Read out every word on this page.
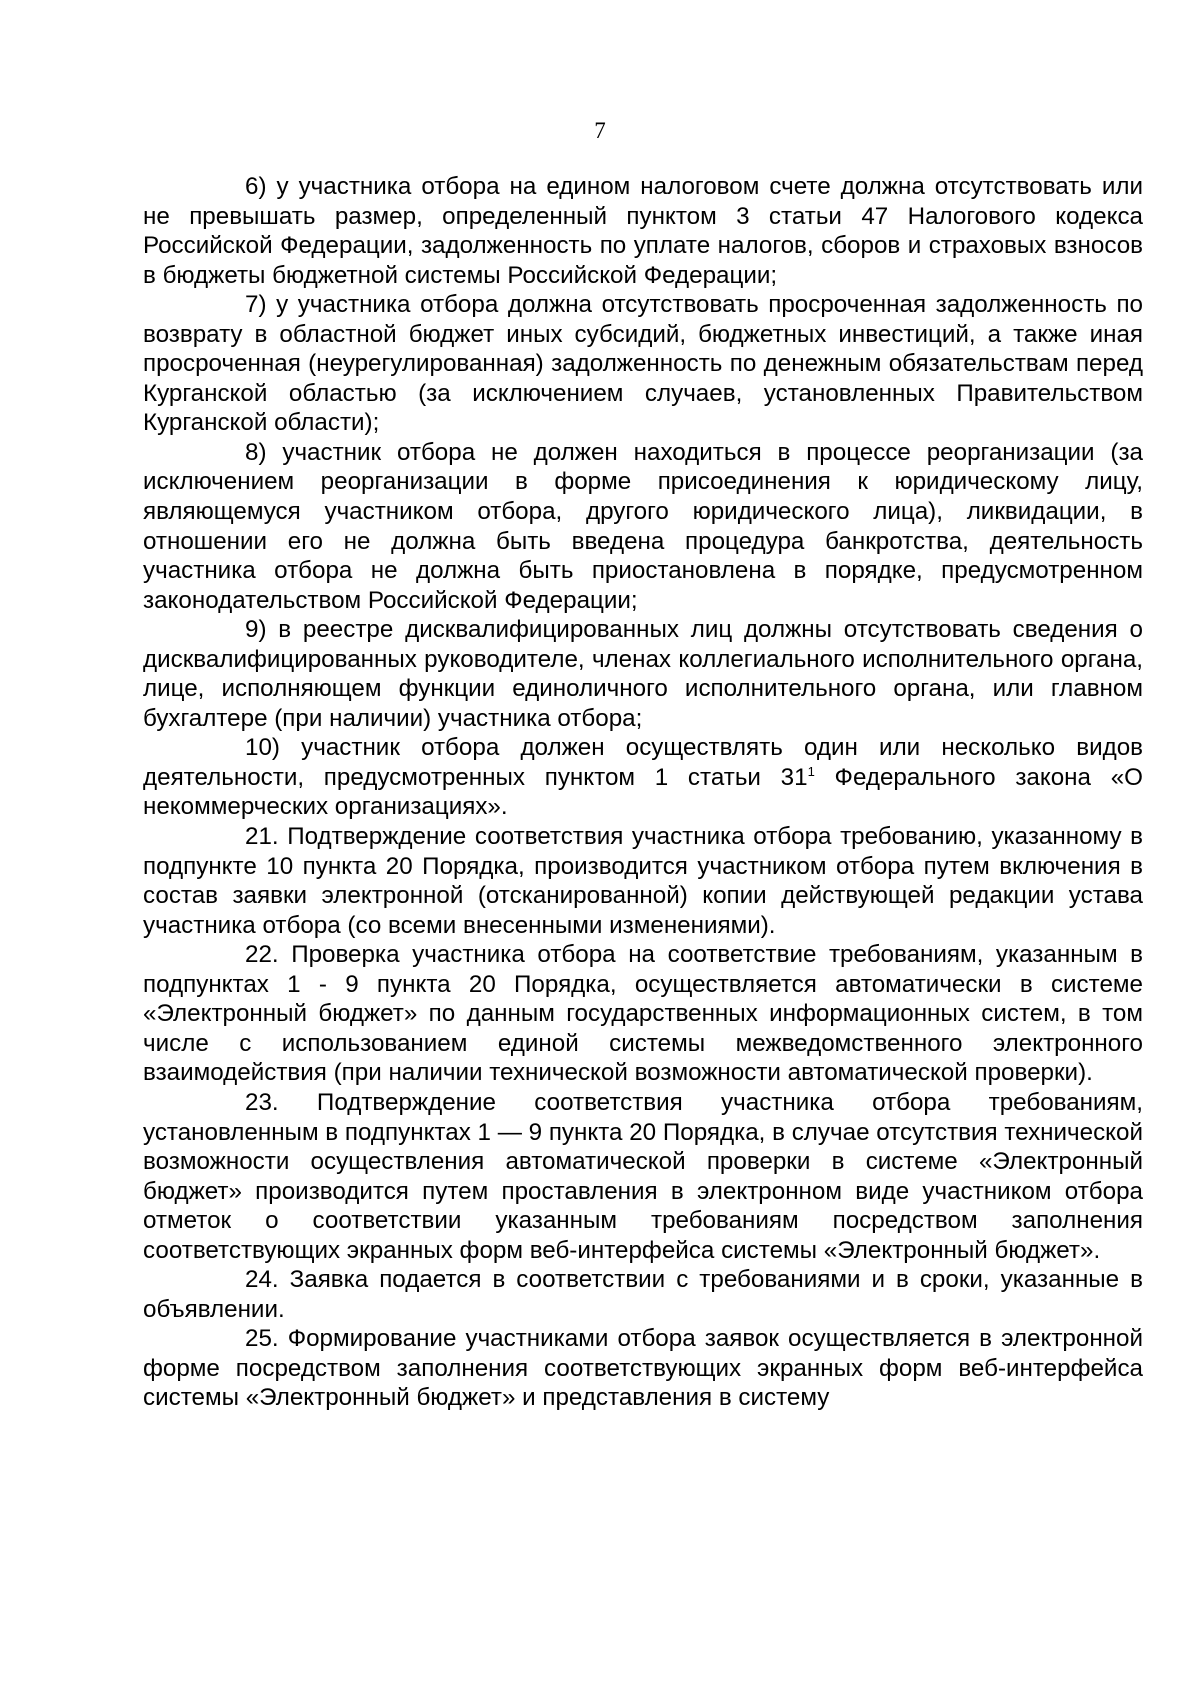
7

6) у участника отбора на едином налоговом счете должна отсутствовать или не превышать размер, определенный пунктом 3 статьи 47 Налогового кодекса Российской Федерации, задолженность по уплате налогов, сборов и страховых взносов в бюджеты бюджетной системы Российской Федерации;

7) у участника отбора должна отсутствовать просроченная задолженность по возврату в областной бюджет иных субсидий, бюджетных инвестиций, а также иная просроченная (неурегулированная) задолженность по денежным обязательствам перед Курганской областью (за исключением случаев, установленных Правительством Курганской области);

8) участник отбора не должен находиться в процессе реорганизации (за исключением реорганизации в форме присоединения к юридическому лицу, являющемуся участником отбора, другого юридического лица), ликвидации, в отношении его не должна быть введена процедура банкротства, деятельность участника отбора не должна быть приостановлена в порядке, предусмотренном законодательством Российской Федерации;

9) в реестре дисквалифицированных лиц должны отсутствовать сведения о дисквалифицированных руководителе, членах коллегиального исполнительного органа, лице, исполняющем функции единоличного исполнительного органа, или главном бухгалтере (при наличии) участника отбора;

10) участник отбора должен осуществлять один или несколько видов деятельности, предусмотренных пунктом 1 статьи $31^1$ Федерального закона «О некоммерческих организациях».

21. Подтверждение соответствия участника отбора требованию, указанному в подпункте 10 пункта 20 Порядка, производится участником отбора путем включения в состав заявки электронной (отсканированной) копии действующей редакции устава участника отбора (со всеми внесенными изменениями).

22. Проверка участника отбора на соответствие требованиям, указанным в подпунктах 1 - 9 пункта 20 Порядка, осуществляется автоматически в системе «Электронный бюджет» по данным государственных информационных систем, в том числе с использованием единой системы межведомственного электронного взаимодействия (при наличии технической возможности автоматической проверки).

23. Подтверждение соответствия участника отбора требованиям, установленным в подпунктах 1 — 9 пункта 20 Порядка, в случае отсутствия технической возможности осуществления автоматической проверки в системе «Электронный бюджет» производится путем проставления в электронном виде участником отбора отметок о соответствии указанным требованиям посредством заполнения соответствующих экранных форм веб-интерфейса системы «Электронный бюджет».

24. Заявка подается в соответствии с требованиями и в сроки, указанные в объявлении.

25. Формирование участниками отбора заявок осуществляется в электронной форме посредством заполнения соответствующих экранных форм веб-интерфейса системы «Электронный бюджет» и представления в систему
